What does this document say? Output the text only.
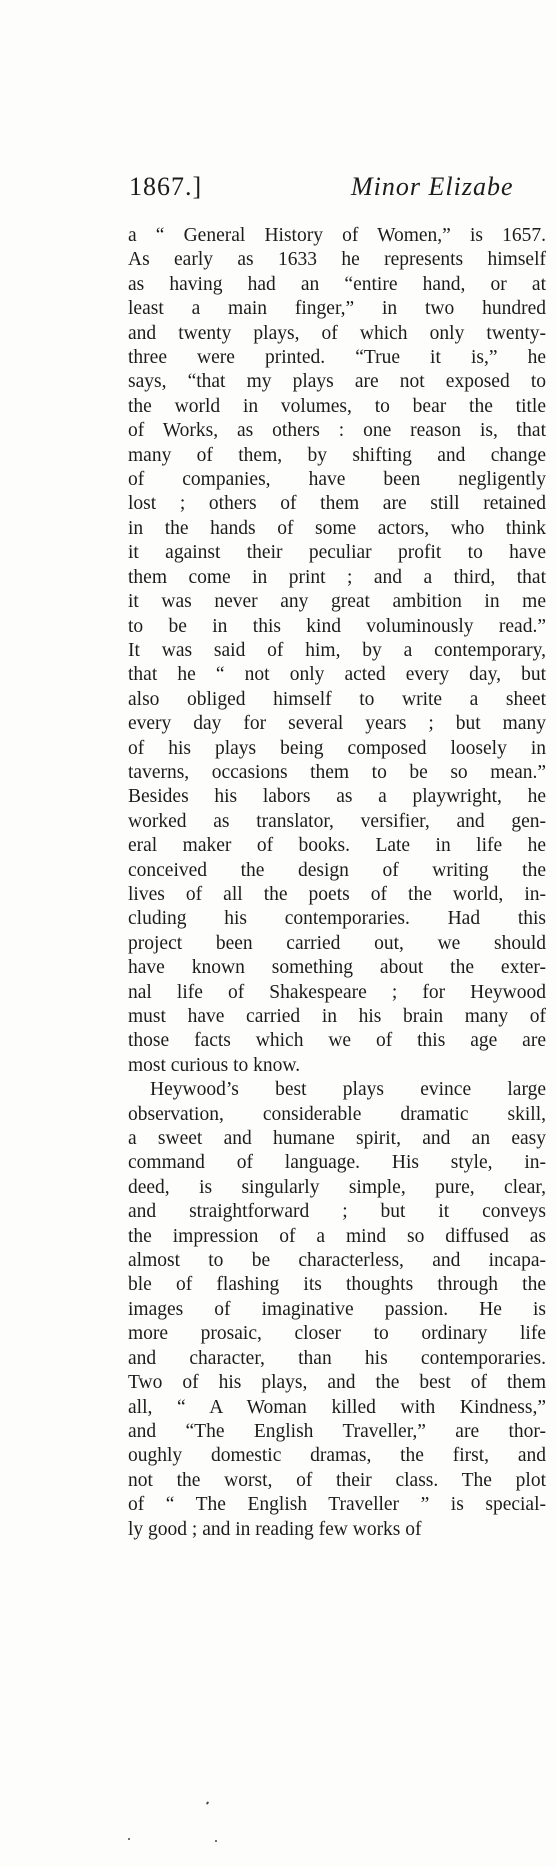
1867.]	Minor Elizabe
a “ General History of Women,” is 1657.
As early as 1633 he represents himself
as having had an “entire hand, or at
least a main finger,” in two hundred
and twenty plays, of which only twenty-
three were printed. “True it is,” he
says, “that my plays are not exposed to
the world in volumes, to bear the title
of Works, as others : one reason is, that
many of them, by shifting and change
of companies, have been negligently
lost ; others of them are still retained
in the hands of some actors, who think
it against their peculiar profit to have
them come in print ; and a third, that
it was never any great ambition in me
to be in this kind voluminously read.”
It was said of him, by a contemporary,
that he “ not only acted every day, but
also obliged himself to write a sheet
every day for several years ; but many
of his plays being composed loosely in
taverns, occasions them to be so mean.”
Besides his labors as a playwright, he
worked as translator, versifier, and gen-
eral maker of books. Late in life he
conceived the design of writing the
lives of all the poets of the world, in-
cluding his contemporaries. Had this
project been carried out, we should
have known something about the exter-
nal life of Shakespeare ; for Heywood
must have carried in his brain many of
those facts which we of this age are
most curious to know.
Heywood’s best plays evince large
observation, considerable dramatic skill,
a sweet and humane spirit, and an easy
command of language. His style, in-
deed, is singularly simple, pure, clear,
and straightforward ; but it conveys
the impression of a mind so diffused as
almost to be characterless, and incapa-
ble of flashing its thoughts through the
images of imaginative passion. He is
more prosaic, closer to ordinary life
and character, than his contemporaries.
Two of his plays, and the best of them
all, “ A Woman killed with Kindness,”
and “The English Traveller,” are thor-
oughly domestic dramas, the first, and
not the worst, of their class. The plot
of “ The English Traveller ” is special-
ly good ; and in reading few works of
